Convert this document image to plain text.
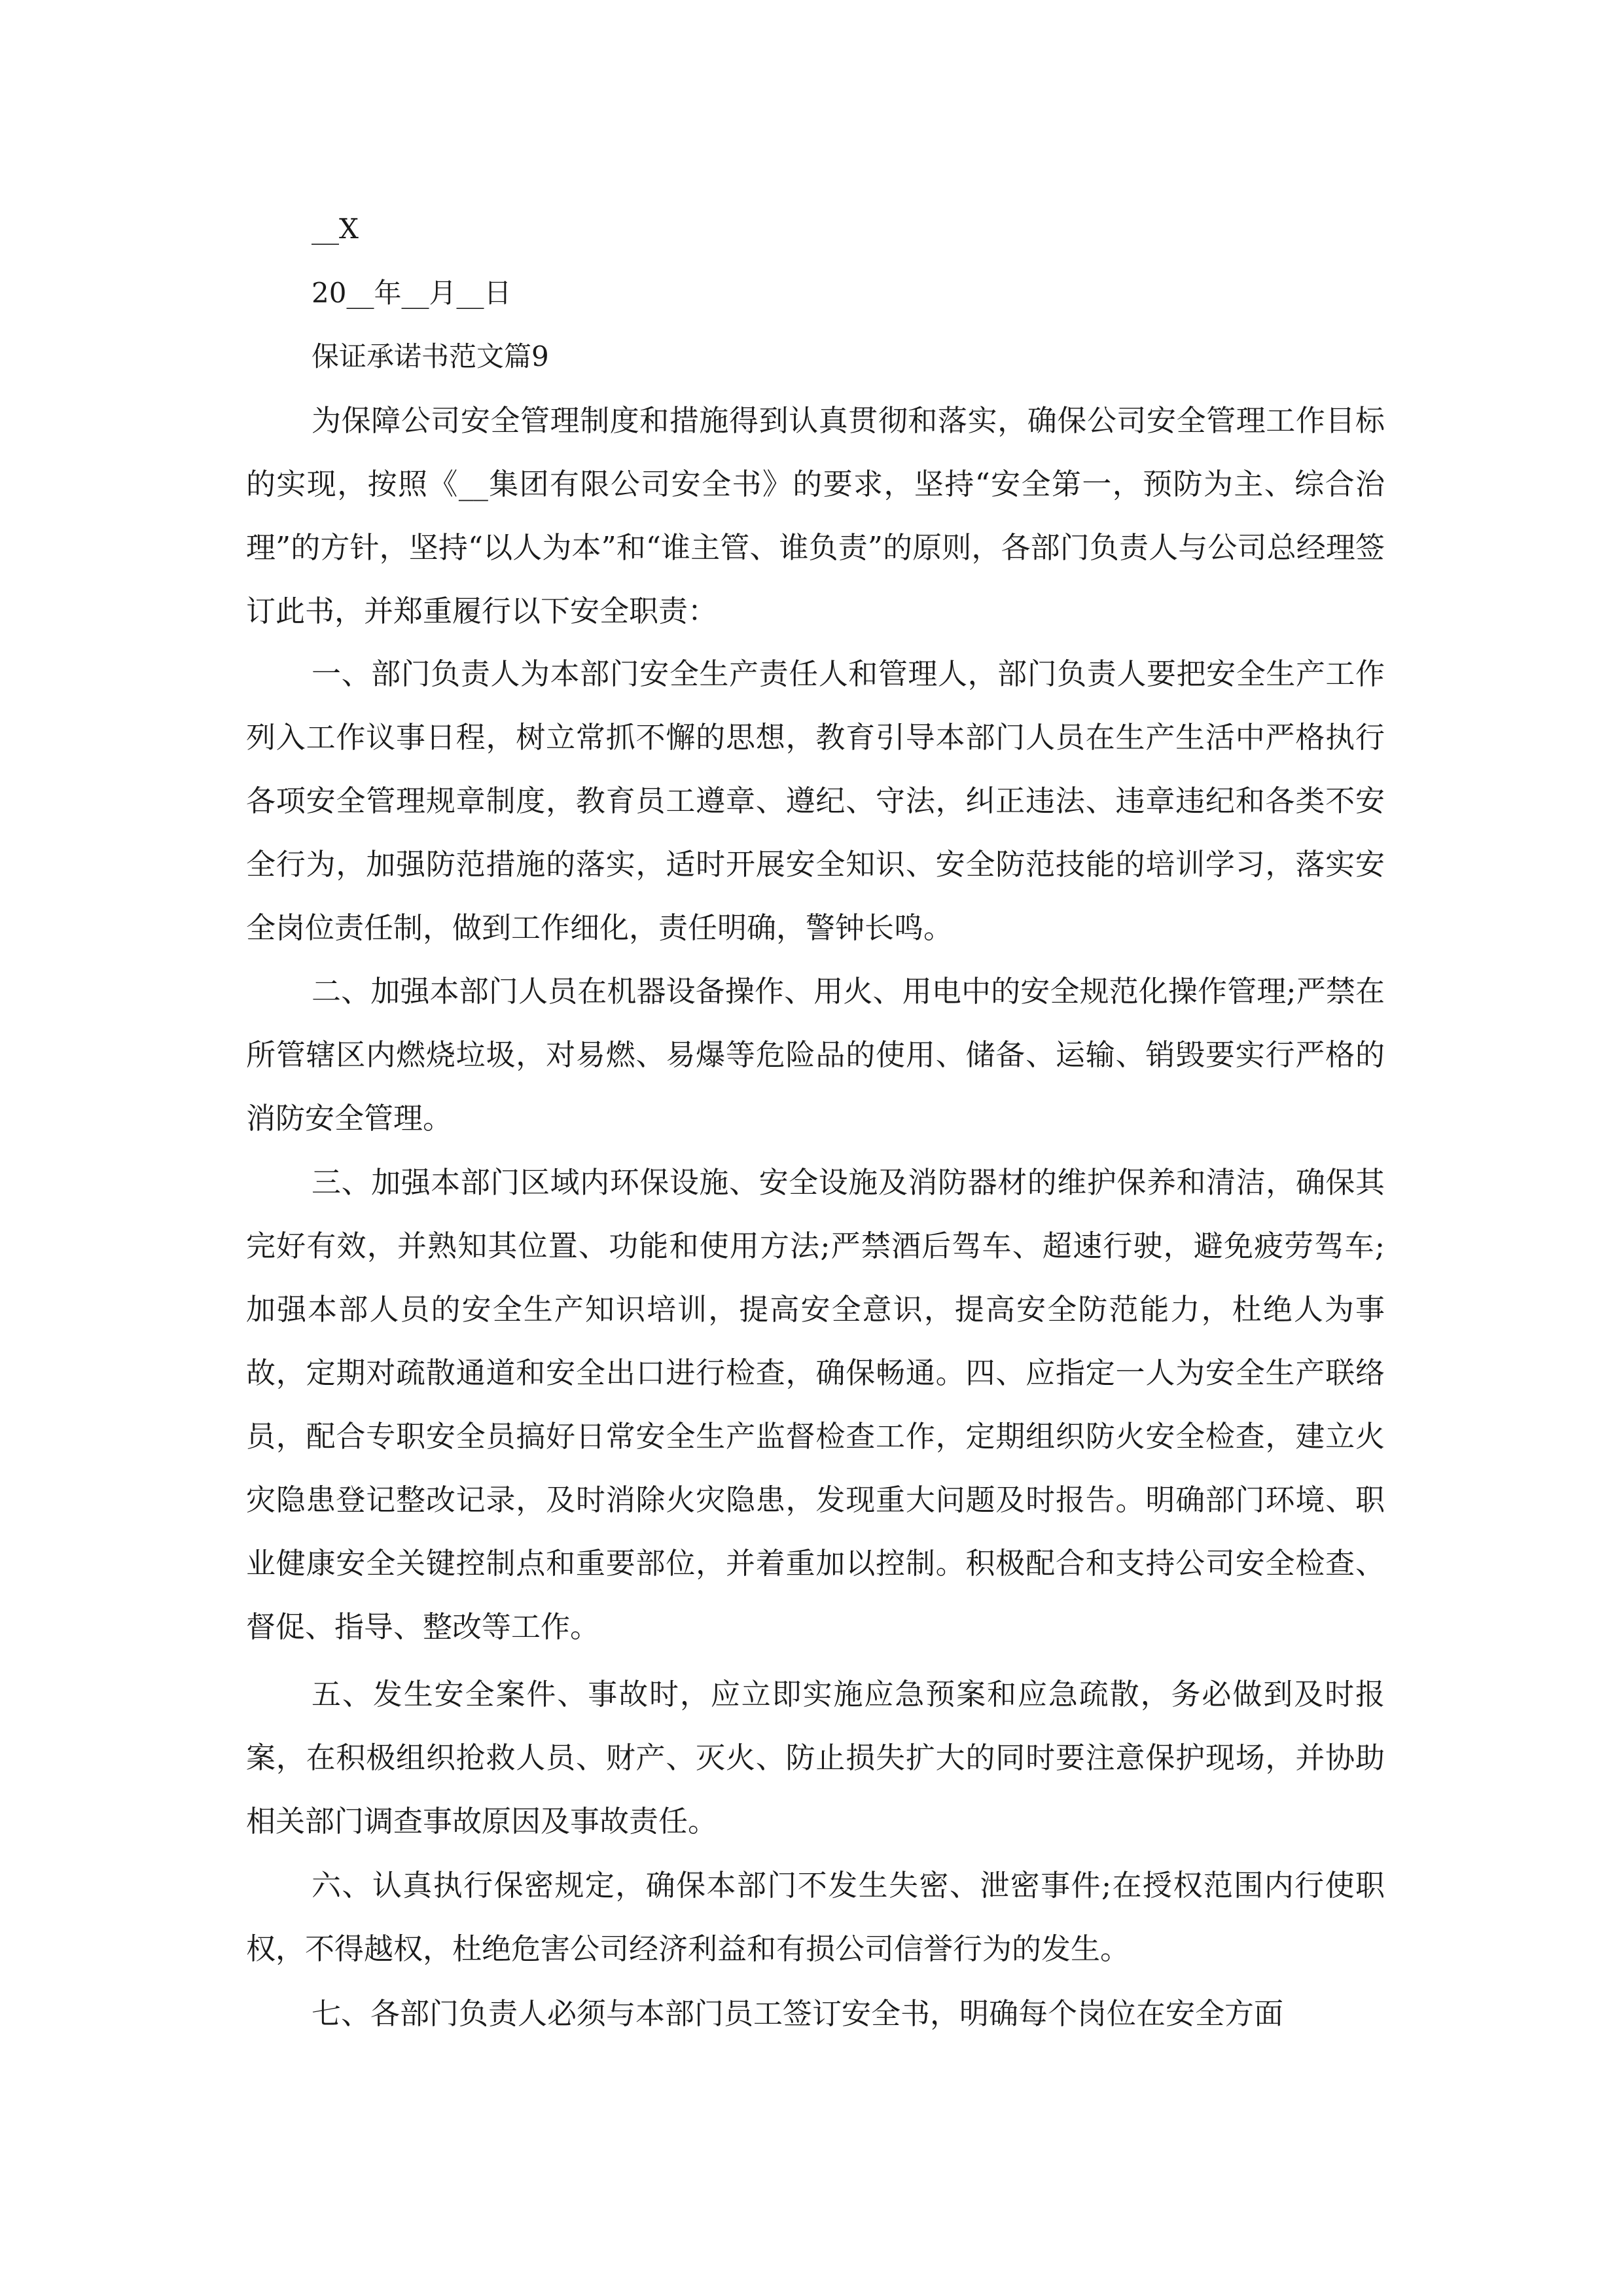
__X
20__年__月__日
保证承诺书范文篇9
为保障公司安全管理制度和措施得到认真贯彻和落实，确保公司安全管理工作目标的实现，按照《__集团有限公司安全书》的要求，坚持“安全第一，预防为主、综合治理”的方针，坚持“以人为本”和“谁主管、谁负责”的原则，各部门负责人与公司总经理签订此书，并郑重履行以下安全职责：
一、部门负责人为本部门安全生产责任人和管理人，部门负责人要把安全生产工作列入工作议事日程，树立常抓不懈的思想，教育引导本部门人员在生产生活中严格执行各项安全管理规章制度，教育员工遵章、遵纪、守法，纠正违法、违章违纪和各类不安全行为，加强防范措施的落实，适时开展安全知识、安全防范技能的培训学习，落实安全岗位责任制，做到工作细化，责任明确，警钟长鸣。
二、加强本部门人员在机器设备操作、用火、用电中的安全规范化操作管理;严禁在所管辖区内燃烧垃圾，对易燃、易爆等危险品的使用、储备、运输、销毁要实行严格的消防安全管理。
三、加强本部门区域内环保设施、安全设施及消防器材的维护保养和清洁，确保其完好有效，并熟知其位置、功能和使用方法;严禁酒后驾车、超速行驶，避免疲劳驾车;加强本部人员的安全生产知识培训，提高安全意识，提高安全防范能力，杜绝人为事故，定期对疏散通道和安全出口进行检查，确保畅通。四、应指定一人为安全生产联络员，配合专职安全员搞好日常安全生产监督检查工作，定期组织防火安全检查，建立火灾隐患登记整改记录，及时消除火灾隐患，发现重大问题及时报告。明确部门环境、职业健康安全关键控制点和重要部位，并着重加以控制。积极配合和支持公司安全检查、督促、指导、整改等工作。
五、发生安全案件、事故时，应立即实施应急预案和应急疏散，务必做到及时报案，在积极组织抢救人员、财产、灭火、防止损失扩大的同时要注意保护现场，并协助相关部门调查事故原因及事故责任。
六、认真执行保密规定，确保本部门不发生失密、泄密事件;在授权范围内行使职权，不得越权，杜绝危害公司经济利益和有损公司信誉行为的发生。
七、各部门负责人必须与本部门员工签订安全书，明确每个岗位在安全方面
